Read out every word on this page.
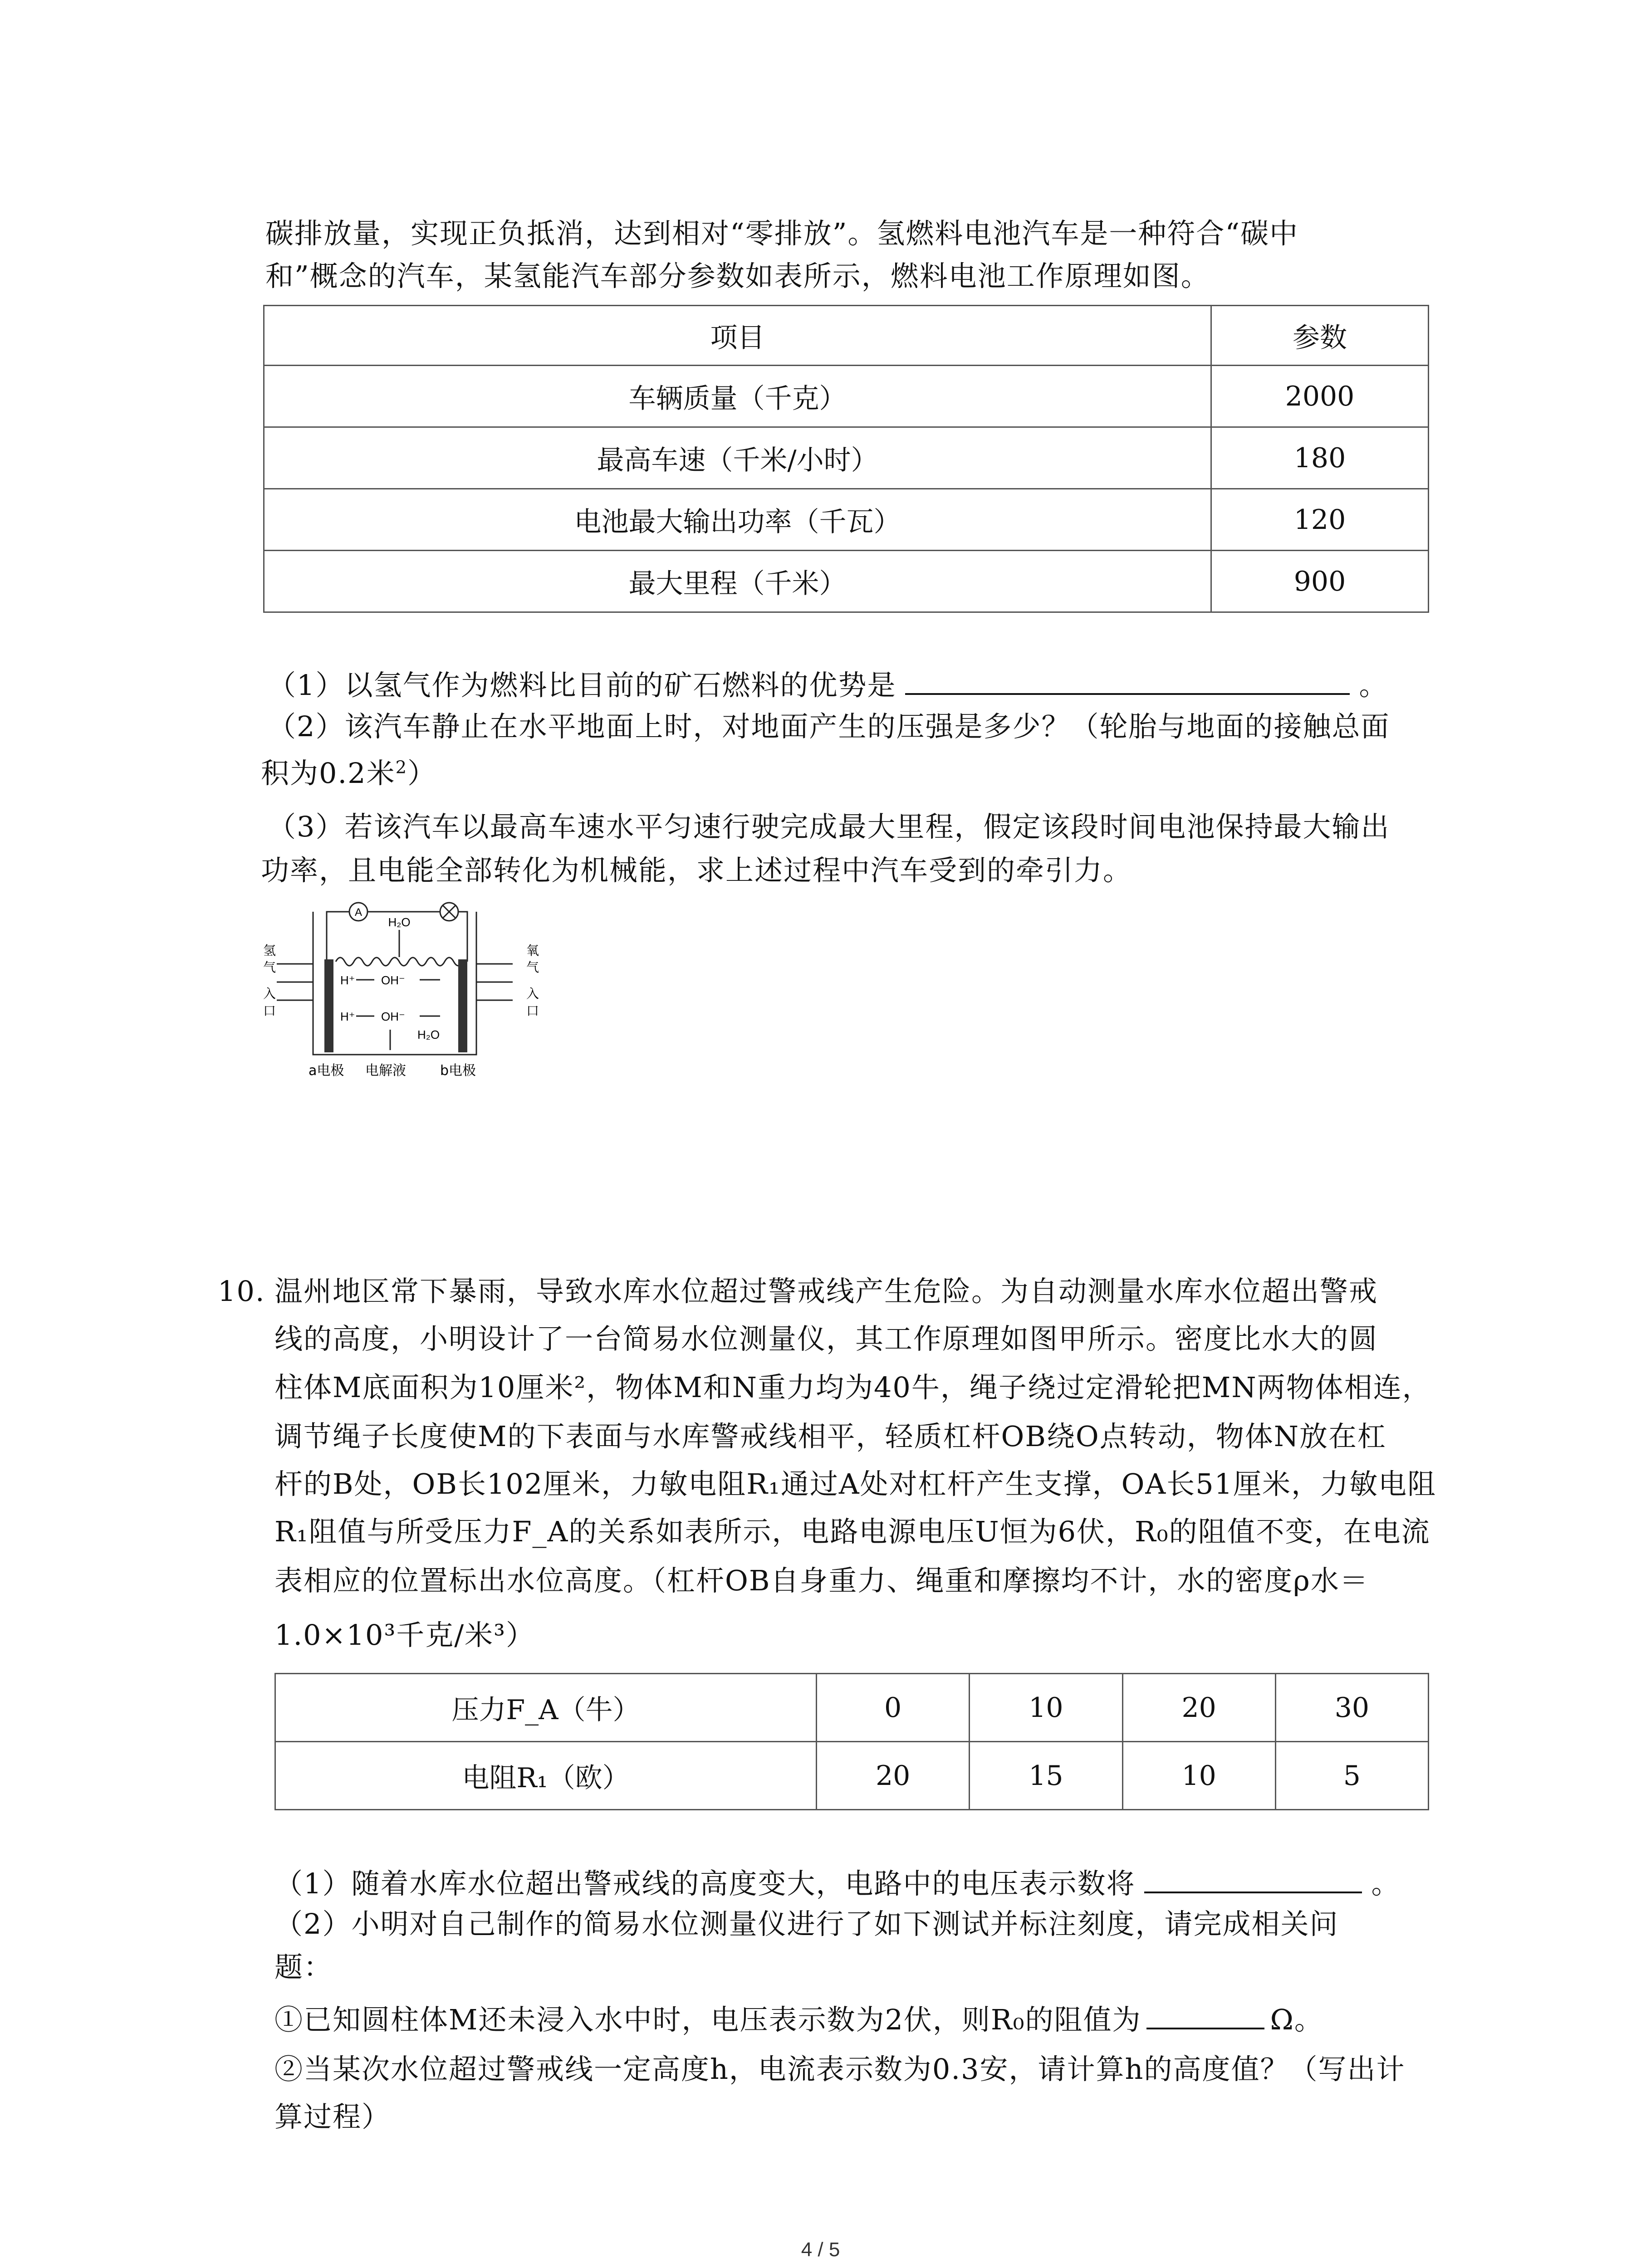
碳排放量，实现正负抵消，达到相对“零排放”。氢燃料电池汽车是一种符合“碳中
和”概念的汽车，某氢能汽车部分参数如表所示，燃料电池工作原理如图。
项目	参数
车辆质量（千克）	2000
最高车速（千米/小时）	180
电池最大输出功率（千瓦）	120
最大里程（千米）	900
（1）以氢气作为燃料比目前的矿石燃料的优势是	。
（2）该汽车静止在水平地面上时，对地面产生的压强是多少？（轮胎与地面的接触总面
积为0.2米$^2$）
（3）若该汽车以最高车速水平匀速行驶完成最大里程，假定该段时间电池保持最大输出
功率，且电能全部转化为机械能，求上述过程中汽车受到的牵引力。
A
H₂O
H⁺ OH⁻
H⁺ OH⁻
H₂O
氢
气
入
口
氧
气
入
口
a电极 电解液	b电极
10. 温州地区常下暴雨，导致水库水位超过警戒线产生危险。为自动测量水库水位超出警戒
线的高度，小明设计了一台简易水位测量仪，其工作原理如图甲所示。密度比水大的圆
柱体M底面积为10厘米²，物体M和N重力均为40牛，绳子绕过定滑轮把MN两物体相连，
调节绳子长度使M的下表面与水库警戒线相平，轻质杠杆OB绕O点转动，物体N放在杠
杆的B处，OB长102厘米，力敏电阻R₁通过A处对杠杆产生支撑，OA长51厘米，力敏电阻
R₁阻值与所受压力F_A的关系如表所示，电路电源电压U恒为6伏，R₀的阻值不变，在电流
表相应的位置标出水位高度。（杠杆OB自身重力、绳重和摩擦均不计，水的密度ρ水＝
1.0×10³千克/米³）
压力F_A（牛）	0	10	20	30
电阻R₁（欧）	20	15	10	5
（1）随着水库水位超出警戒线的高度变大，电路中的电压表示数将	。
（2）小明对自己制作的简易水位测量仪进行了如下测试并标注刻度，请完成相关问
题：
①已知圆柱体M还未浸入水中时，电压表示数为2伏，则R₀的阻值为	Ω。
②当某次水位超过警戒线一定高度h，电流表示数为0.3安，请计算h的高度值？（写出计
算过程）
4 / 5
